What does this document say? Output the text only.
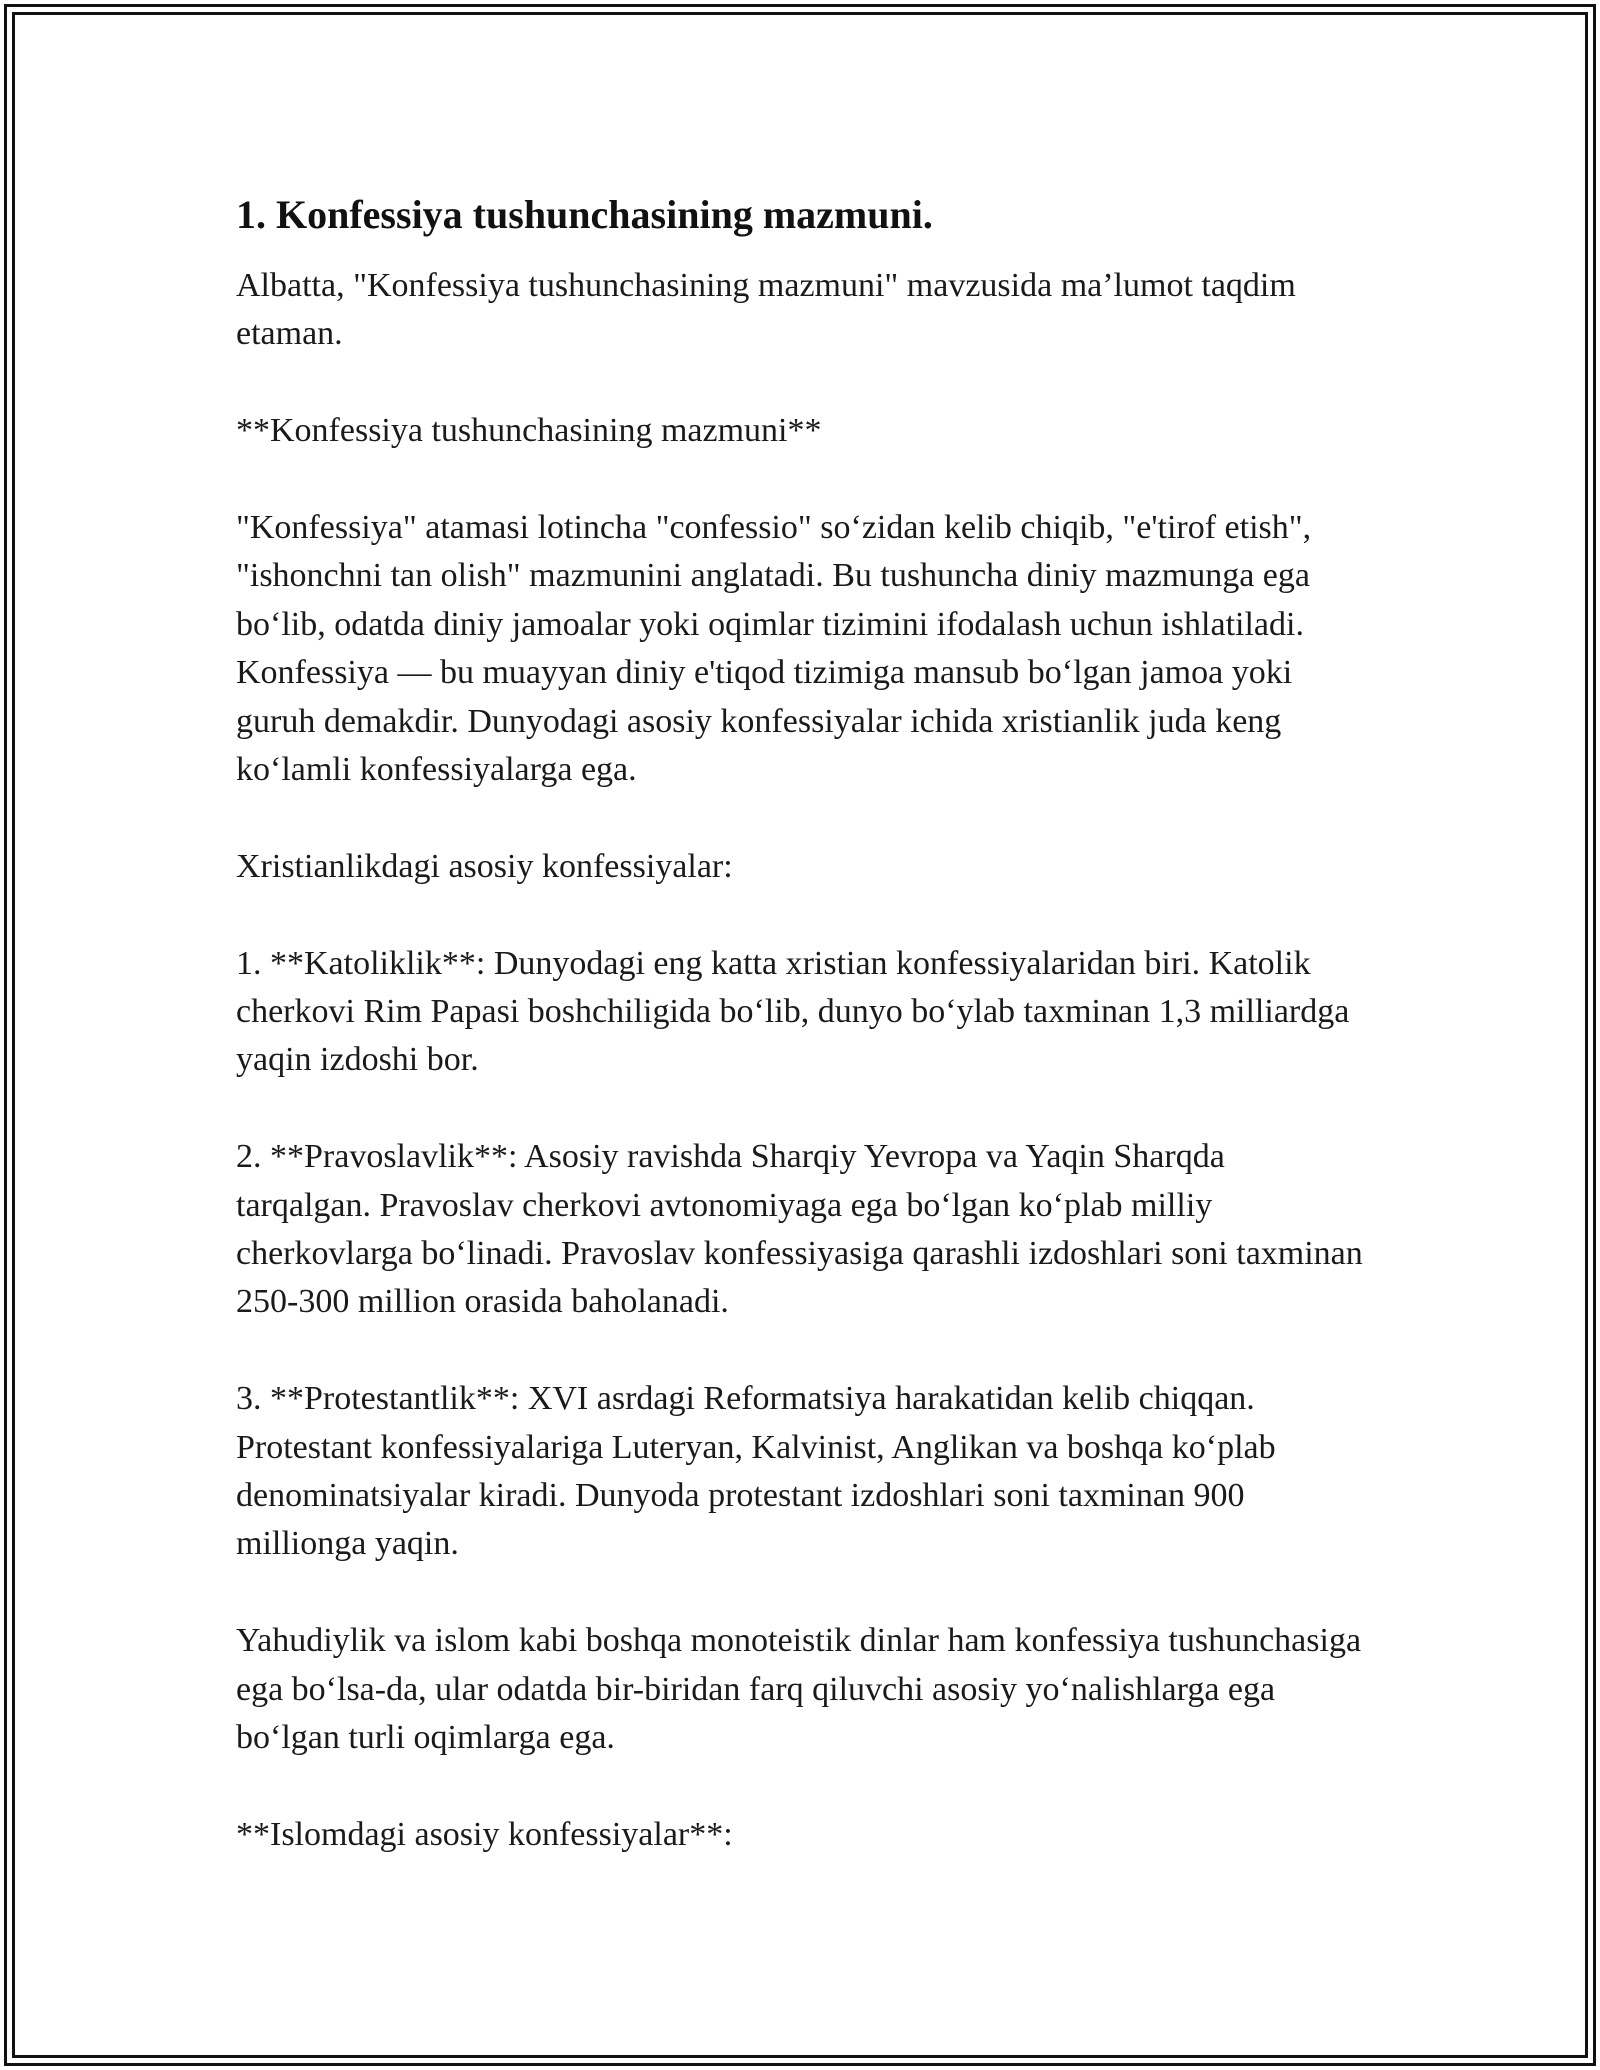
1. Konfessiya tushunchasining mazmuni.

Albatta, "Konfessiya tushunchasining mazmuni" mavzusida ma’lumot taqdim etaman.

**Konfessiya tushunchasining mazmuni**

"Konfessiya" atamasi lotincha "confessio" so‘zidan kelib chiqib, "e'tirof etish", "ishonchni tan olish" mazmunini anglatadi. Bu tushuncha diniy mazmunga ega bo‘lib, odatda diniy jamoalar yoki oqimlar tizimini ifodalash uchun ishlatiladi. Konfessiya — bu muayyan diniy e'tiqod tizimiga mansub bo‘lgan jamoa yoki guruh demakdir. Dunyodagi asosiy konfessiyalar ichida xristianlik juda keng ko‘lamli konfessiyalarga ega.

Xristianlikdagi asosiy konfessiyalar:

1. **Katoliklik**: Dunyodagi eng katta xristian konfessiyalaridan biri. Katolik cherkovi Rim Papasi boshchiligida bo‘lib, dunyo bo‘ylab taxminan 1,3 milliardga yaqin izdoshi bor.

2. **Pravoslavlik**: Asosiy ravishda Sharqiy Yevropa va Yaqin Sharqda tarqalgan. Pravoslav cherkovi avtonomiyaga ega bo‘lgan ko‘plab milliy cherkovlarga bo‘linadi. Pravoslav konfessiyasiga qarashli izdoshlari soni taxminan 250-300 million orasida baholanadi.

3. **Protestantlik**: XVI asrdagi Reformatsiya harakatidan kelib chiqqan. Protestant konfessiyalariga Luteryan, Kalvinist, Anglikan va boshqa ko‘plab denominatsiyalar kiradi. Dunyoda protestant izdoshlari soni taxminan 900 millionga yaqin.

Yahudiylik va islom kabi boshqa monoteistik dinlar ham konfessiya tushunchasiga ega bo‘lsa-da, ular odatda bir-biridan farq qiluvchi asosiy yo‘nalishlarga ega bo‘lgan turli oqimlarga ega.

**Islomdagi asosiy konfessiyalar**:
